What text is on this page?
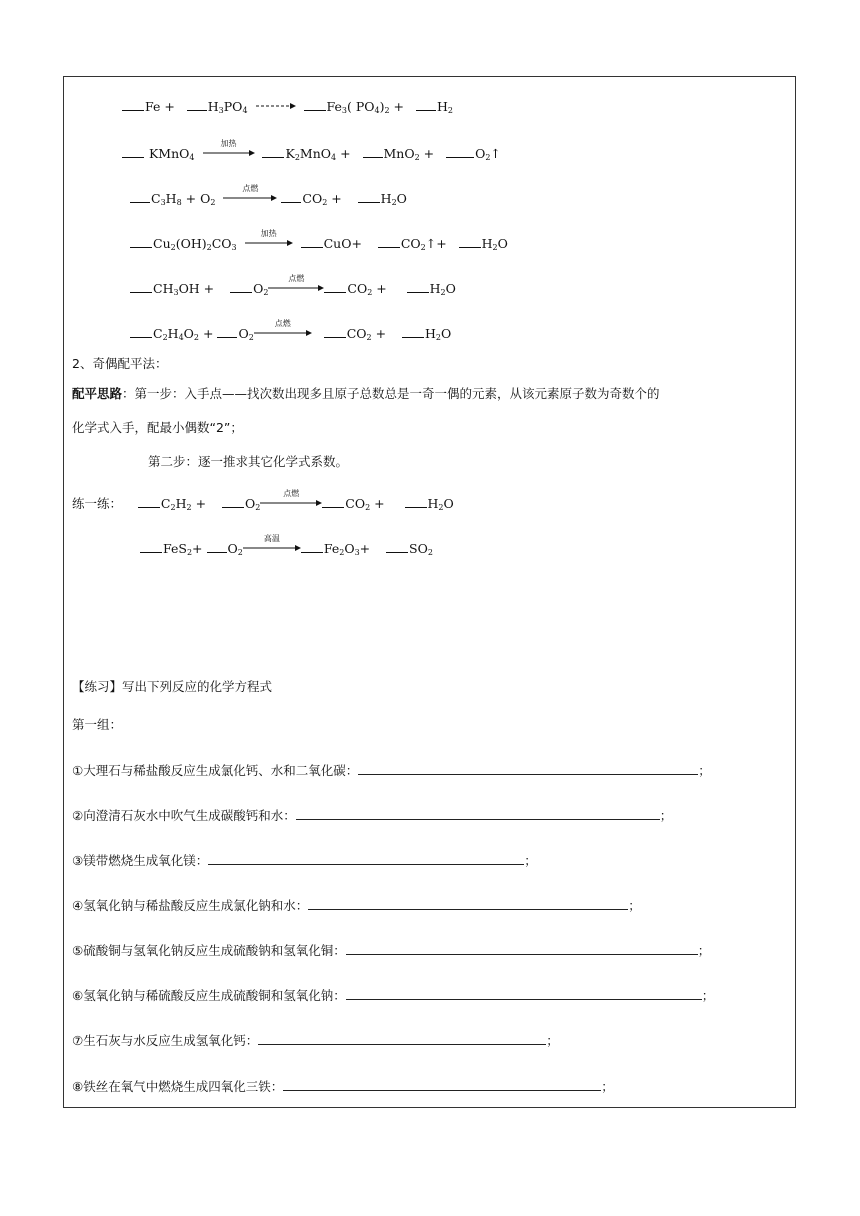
$Fe + H_3PO_4$	$Fe_3$( $PO_4)_2 + H_2$
KMnO$_4$
加热
$K_2MnO_4 + MnO_2$ +   $O_2↑$
$C_3H_8 + O_2$
点燃
$CO_2$ +    $H_2O$
$Cu_2(OH)_2CO_3$
加热
CuO+    $CO_2↑+ H_2O$
$CH_3OH$ +    $O_2$
点燃
$CO_2$ +     $H_2O$
$C_2H_4O_2 + O_2$
点燃
$CO_2$ +    $H_2O$
2、奇偶配平法：
配平思路：第一步：入手点——找次数出现多且原子总数总是一奇一偶的元素，从该元素原子数为奇数个的
化学式入手，配最小偶数“2”；
第二步：逐一推求其它化学式系数。
练一练：	$C_2H_2$ +    $O_2$
点燃
$CO_2$ +     $H_2O$
$FeS_2+ O_2$
高温
$Fe_2O_3+$    $SO_2$
【练习】写出下列反应的化学方程式
第一组：
①大理石与稀盐酸反应生成氯化钙、水和二氧化碳：	；
②向澄清石灰水中吹气生成碳酸钙和水：	；
③镁带燃烧生成氧化镁：	；
④氢氧化钠与稀盐酸反应生成氯化钠和水：	；
⑤硫酸铜与氢氧化钠反应生成硫酸钠和氢氧化铜：	；
⑥氢氧化钠与稀硫酸反应生成硫酸铜和氢氧化钠：	；
⑦生石灰与水反应生成氢氧化钙：	；
⑧铁丝在氧气中燃烧生成四氧化三铁：	；
